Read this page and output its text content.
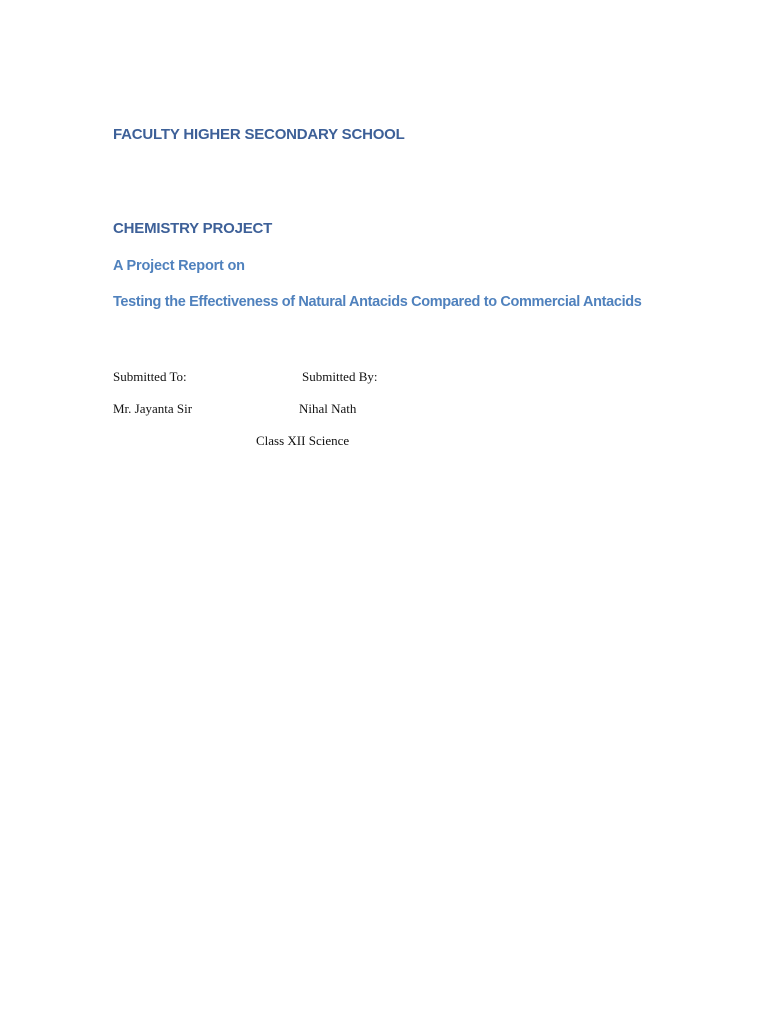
FACULTY HIGHER SECONDARY SCHOOL
CHEMISTRY PROJECT
A Project Report on
Testing the Effectiveness of Natural Antacids Compared to Commercial Antacids
Submitted To:	Submitted By:
Mr. Jayanta Sir	Nihal Nath
Class XII Science
